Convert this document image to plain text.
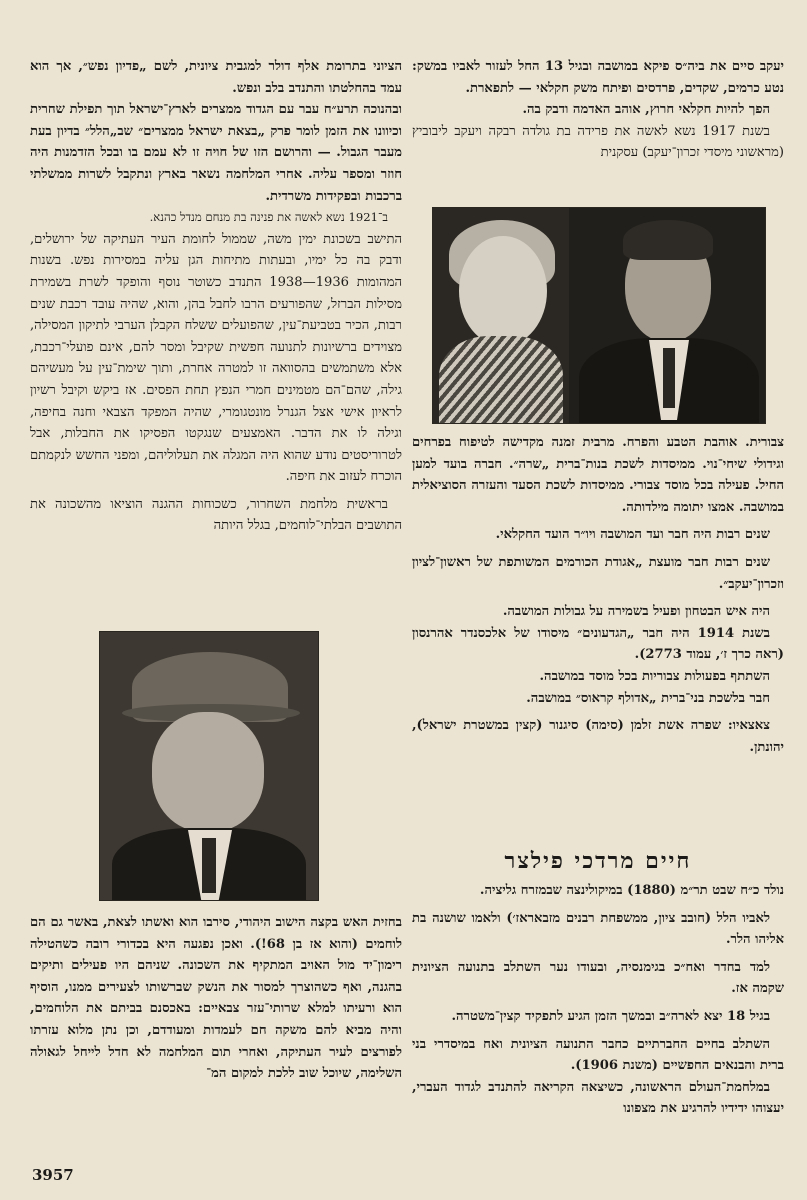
יעקב סיים את ביה״ס פיקא במושבה ובגיל 13 החל לעזור לאביו במשק: נטע כרמים, שקדים, פרדסים ופיתח משק חקלאי — לתפארת.

הפך להיות חקלאי חרוץ, אוהב האדמה ודבק בה.

בשנת 1917 נשא לאשה את פרידה בת גולדה רבקה ויעקב ליבוביץ (מראשוני מיסדי זכרון־יעקב) עסקנית

צבורית. אוהבת הטבע והפרח. מרבית זמנה מקדישה לטיפוח בפרחים וגידולי שיחי־נוי. ממיסדות לשכת בנות־ברית „שרה״. חברה בועד למען החיל. פעילה בכל מוסד צבורי. ממיסדות לשכת הסעד והעזרה הסוציאלית במושבה. אמצו יתומה מילדותה.

שנים רבות היה חבר ועד המושבה ויו״ר הועד החקלאי.

שנים רבות חבר מועצת „אגודת הכורמים המשותפת של ראשון־לציון וזכרון־יעקב״.

היה איש הבטחון ופעיל בשמירה על גבולות המושבה.

בשנת 1914 היה חבר „הגדעונים״ מיסודו של אלכסנדר אהרנסון (ראה כרך ז׳, עמוד 2773).

השתתף בפעולות צבוריות בכל מוסד במושבה.

חבר בלשכת בני־ברית „אדולף קראוס״ במושבה.

צאצאיו: שפרה אשת זלמן (סימה) סיגנור (קצין במשטרת ישראל), יהונתן.

חיים מרדכי פילצר

נולד כ״ח שבט תר״מ (1880) במיקולינצה שבמזרח גליציה.

לאביו הלל (חובב ציון, ממשפחת רבנים מזבאראז׳) ולאמו שושנה בת אליהו הלר.

למד בחדר ואח״כ בגימנסיה, ובעודו נער השתלב בתנועה הציונית שקמה אז.

בגיל 18 יצא לארה״ב ובמשך הזמן הגיע לתפקיד קצין־משטרה.

השתלב בחיים החברתיים כחבר התנועה הציונית ואח במיסדרי בני ברית והבנאים החפשיים (משנת 1906).

במלחמת־העולם הראשונה, כשיצאה הקריאה להתנדב לגדוד העברי, יעצוהו ידידיו להרגיע את מצפונו

הציוני בתרומת אלף דולר למגבית ציונית, לשם „פדיון נפש״, אך הוא עמד בהחלטתו והתנדב בלב ונפש.

ובהנוכה תרע״ח עבר עם הגדוד ממצרים לארץ־ישראל תוך תפילת שחרית וכיוונו את הזמן לומר פרק „בצאת ישראל ממצרים״ שב„הלל״ בדיון בעת מעבר הגבול. — והרושם הזו של חויה זו לא עמם בו ובכל הזדמנות היה חוזר ומספר עליה. אחרי המלחמה נשאר בארץ ונתקבל לשרות ממשלתי ברכבות ובפקידות משרדית.

ב־1921 נשא לאשה את פנינה בת מנחם מנדל כהנא.

התישב בשכונת ימין משה, שממול לחומת העיר העתיקה של ירושלים, ודבק בה כל ימיו, ובעתות מתיחות הגן עליה במסירות נפש. בשנות המהומות 1936—1938 התנדב כשוטר נוסף והופקד לשרת בשמירת מסילות הברזל, שהפורעים הרבו לחבל בהן, והוא, שהיה עובד רכבת שנים רבות, הכיר בטביעת־עין, שהפועלים ששלח הקבלן הערבי לתיקון המסילה, מצוידים ברשיונות לתנועה חפשית שקיבל ומסר להם, אינם פועלי־רכבת, אלא משתמשים בהסוואה זו למטרה אחרת, ותוך שימת־עין על מעשיהם גילה, שהם־הם מטמינים חמרי הנפץ תחת הפסים. אז ביקש וקיבל רשיון לראיון אישי אצל הגנרל מונטגומרי, שהיה המפקד הצבאי וחנה בחיפה, וגילה לו את הדבר. האמצעים שנגקטו הפסיקו את החבלות, אבל לטרוריסטים נודע שהוא היה המגלה את תעלוליהם, ומפני החשש לנקמתם הוכרח לעזוב את חיפה.

בראשית מלחמת השחרור, כשכוחות ההגנה הוציאו מהשכונה את התושבים הבלתי־לוחמים, בגלל היותה

בחזית האש בקצה הישוב היהודי, סירבו הוא ואשתו לצאת, באשר גם הם לוחמים (והוא אז בן 68!). ואכן נפגעה היא בכדורי רובה כשהטילה רימון־יד מול האויב המתקיף את השכונה. שניהם היו פעילים ותיקים בהגנה, ואף כשהוצרך למסור את הנשק שברשותו לצעירים ממנו, הוסיף הוא ורעיתו למלא שרותי־עזר צבאיים: באכסנם בביתם את הלוחמים, והיה מביא להם משקה חם לעמדות ומעודדם, וכן נתן מלוא עזרתו לפורצים לעיר העתיקה, ואחרי תום המלחמה לא חדל לייחל לגאולה השלימה, שיוכל שוב ללכת למקום המ־

3957
